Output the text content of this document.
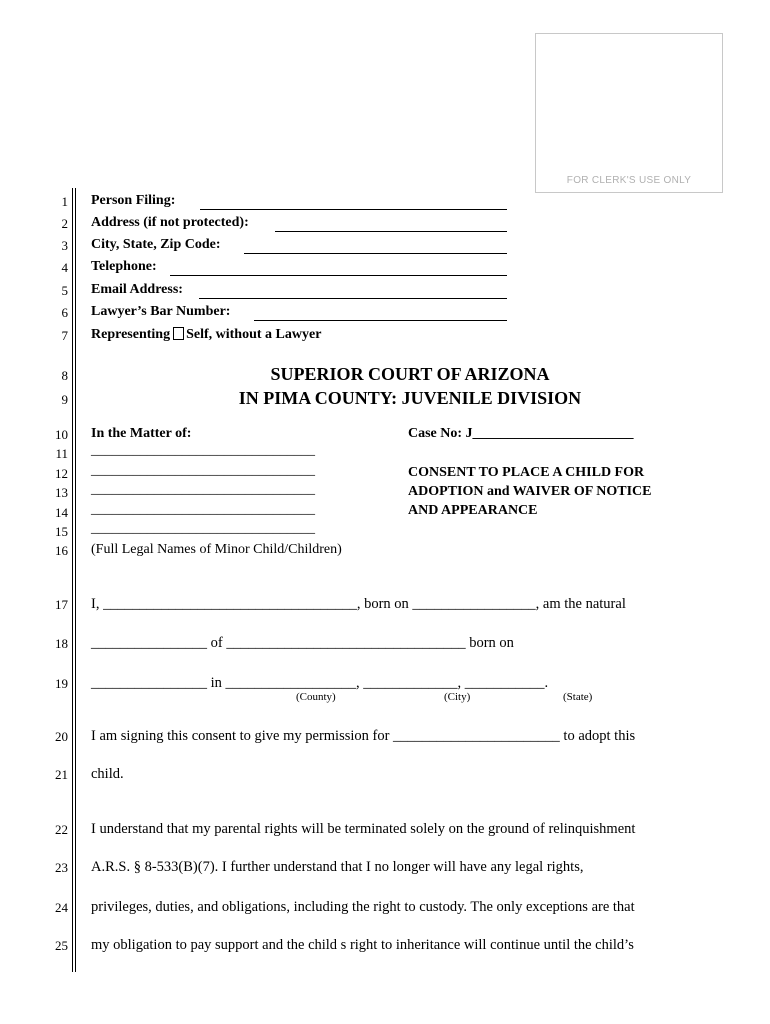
FOR CLERK'S USE ONLY
1
2
3
4
5
6
7
8
9
10
11
12
13
14
15
16
17
18
19
20
21
22
23
24
25
Person Filing:
Address (if not protected):
City, State, Zip Code:
Telephone:
Email Address:
Lawyer’s Bar Number:
Representing Self, without a Lawyer
SUPERIOR COURT OF ARIZONA
IN PIMA COUNTY: JUVENILE DIVISION
In the Matter of:
________________________________
________________________________
________________________________
________________________________
________________________________
(Full Legal Names of Minor Child/Children)
Case No: J_______________________
CONSENT TO PLACE A CHILD FOR
ADOPTION and WAIVER OF NOTICE
AND APPEARANCE
I, ___________________________________, born on _________________, am the natural
________________ of _________________________________ born on
________________ in __________________, _____________, ___________.
(County)	(City)	(State)
I am signing this consent to give my permission for _______________________ to adopt this
child.
I understand that my parental rights will be terminated solely on the ground of relinquishment
A.R.S. § 8-533(B)(7). I further understand that I no longer will have any legal rights,
privileges, duties, and obligations, including the right to custody. The only exceptions are that
my obligation to pay support and the child s right to inheritance will continue until the child’s
